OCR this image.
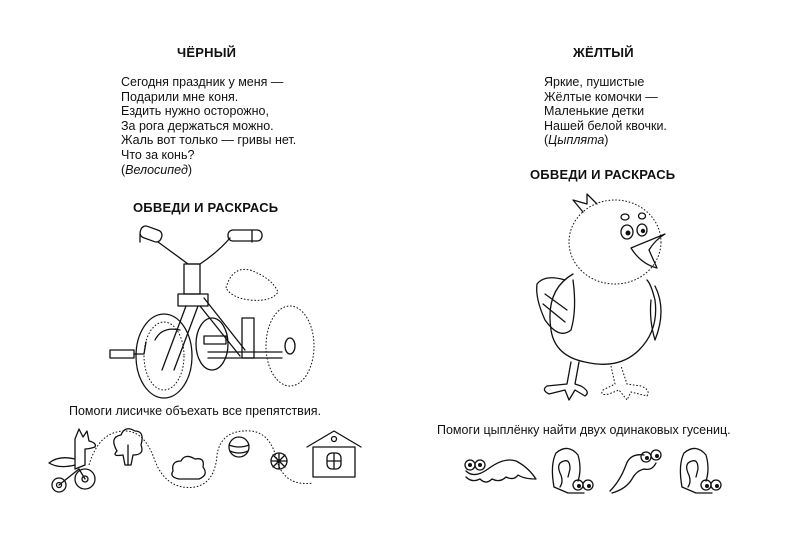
ЧЁРНЫЙ
Сегодня праздник у меня —
Подарили мне коня.
Ездить нужно осторожно,
За рога держаться можно.
Жаль вот только — гривы нет.
Что за конь?
(Велосипед)
ОБВЕДИ И РАСКРАСЬ
Помоги лисичке объехать все препятствия.
ЖЁЛТЫЙ
Яркие, пушистые
Жёлтые комочки —
Маленькие детки
Нашей белой квочки.
(Цыплята)
ОБВЕДИ И РАСКРАСЬ
Помоги цыплёнку найти двух одинаковых гусениц.
